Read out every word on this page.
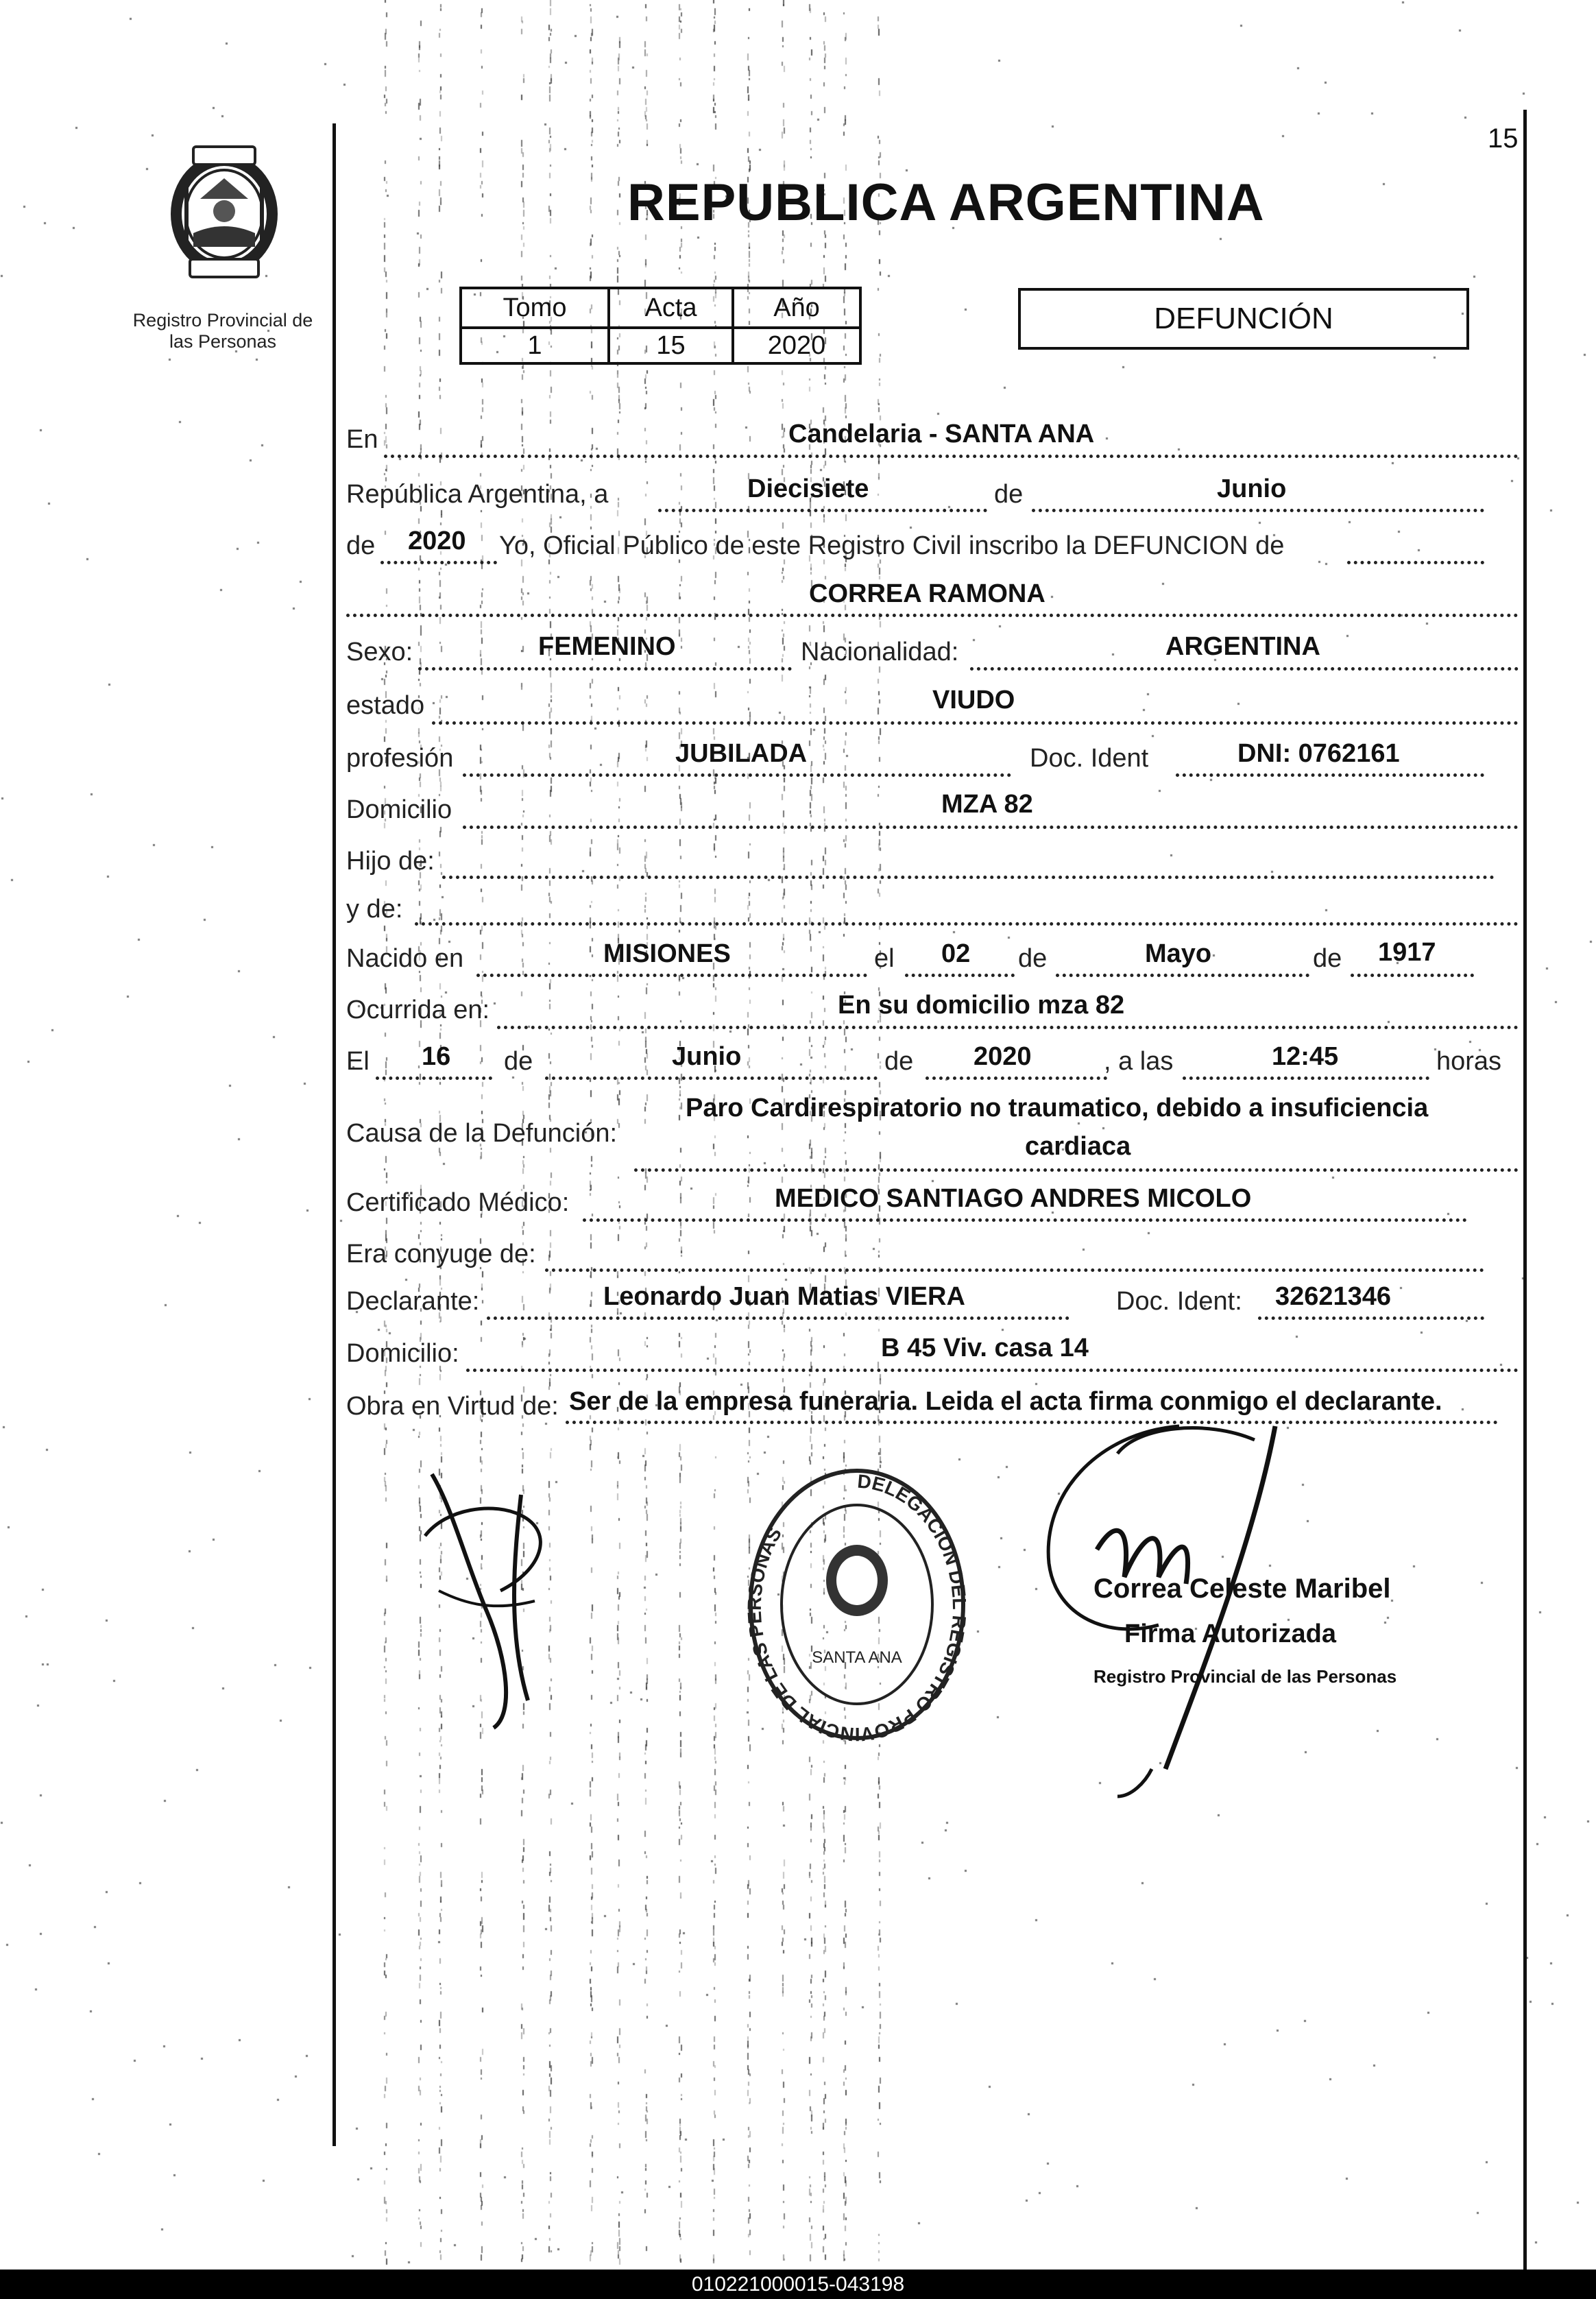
15
Registro Provincial de
las Personas
REPUBLICA ARGENTINA
Tomo	Acta	Año
1	15	2020
DEFUNCIÓN
En	Candelaria - SANTA ANA
República Argentina, a	Diecisiete	de	Junio
de 2020 Yo, Oficial Público de este Registro Civil inscribo la DEFUNCION de
CORREA RAMONA
Sexo:	FEMENINO	Nacionalidad:	ARGENTINA
estado	VIUDO
profesión	JUBILADA	Doc. Ident	DNI: 0762161
Domicilio	MZA 82
Hijo de:
y de:
Nacido en	MISIONES	el 02 de	Mayo	de 1917
Ocurrida en:	En su domicilio mza 82
El 16 de	Junio	de 2020	, a las	12:45	horas
Causa de la Defunción:
Paro Cardirespiratorio no traumatico, debido a insuficiencia
cardiaca
Certificado Médico:	MEDICO SANTIAGO ANDRES MICOLO
Era conyuge de:
Declarante:	Leonardo Juan Matias VIERA	Doc. Ident: 32621346
Domicilio:	B 45 Viv. casa 14
Obra en Virtud de: Ser de la empresa funeraria. Leida el acta firma conmigo el declarante.
DELEGACION DEL REGISTRO PROVINCIAL DE LAS PERSONAS
SANTA ANA
Correa Celeste Maribel
Firma Autorizada
Registro Provincial de las Personas
010221000015-043198
